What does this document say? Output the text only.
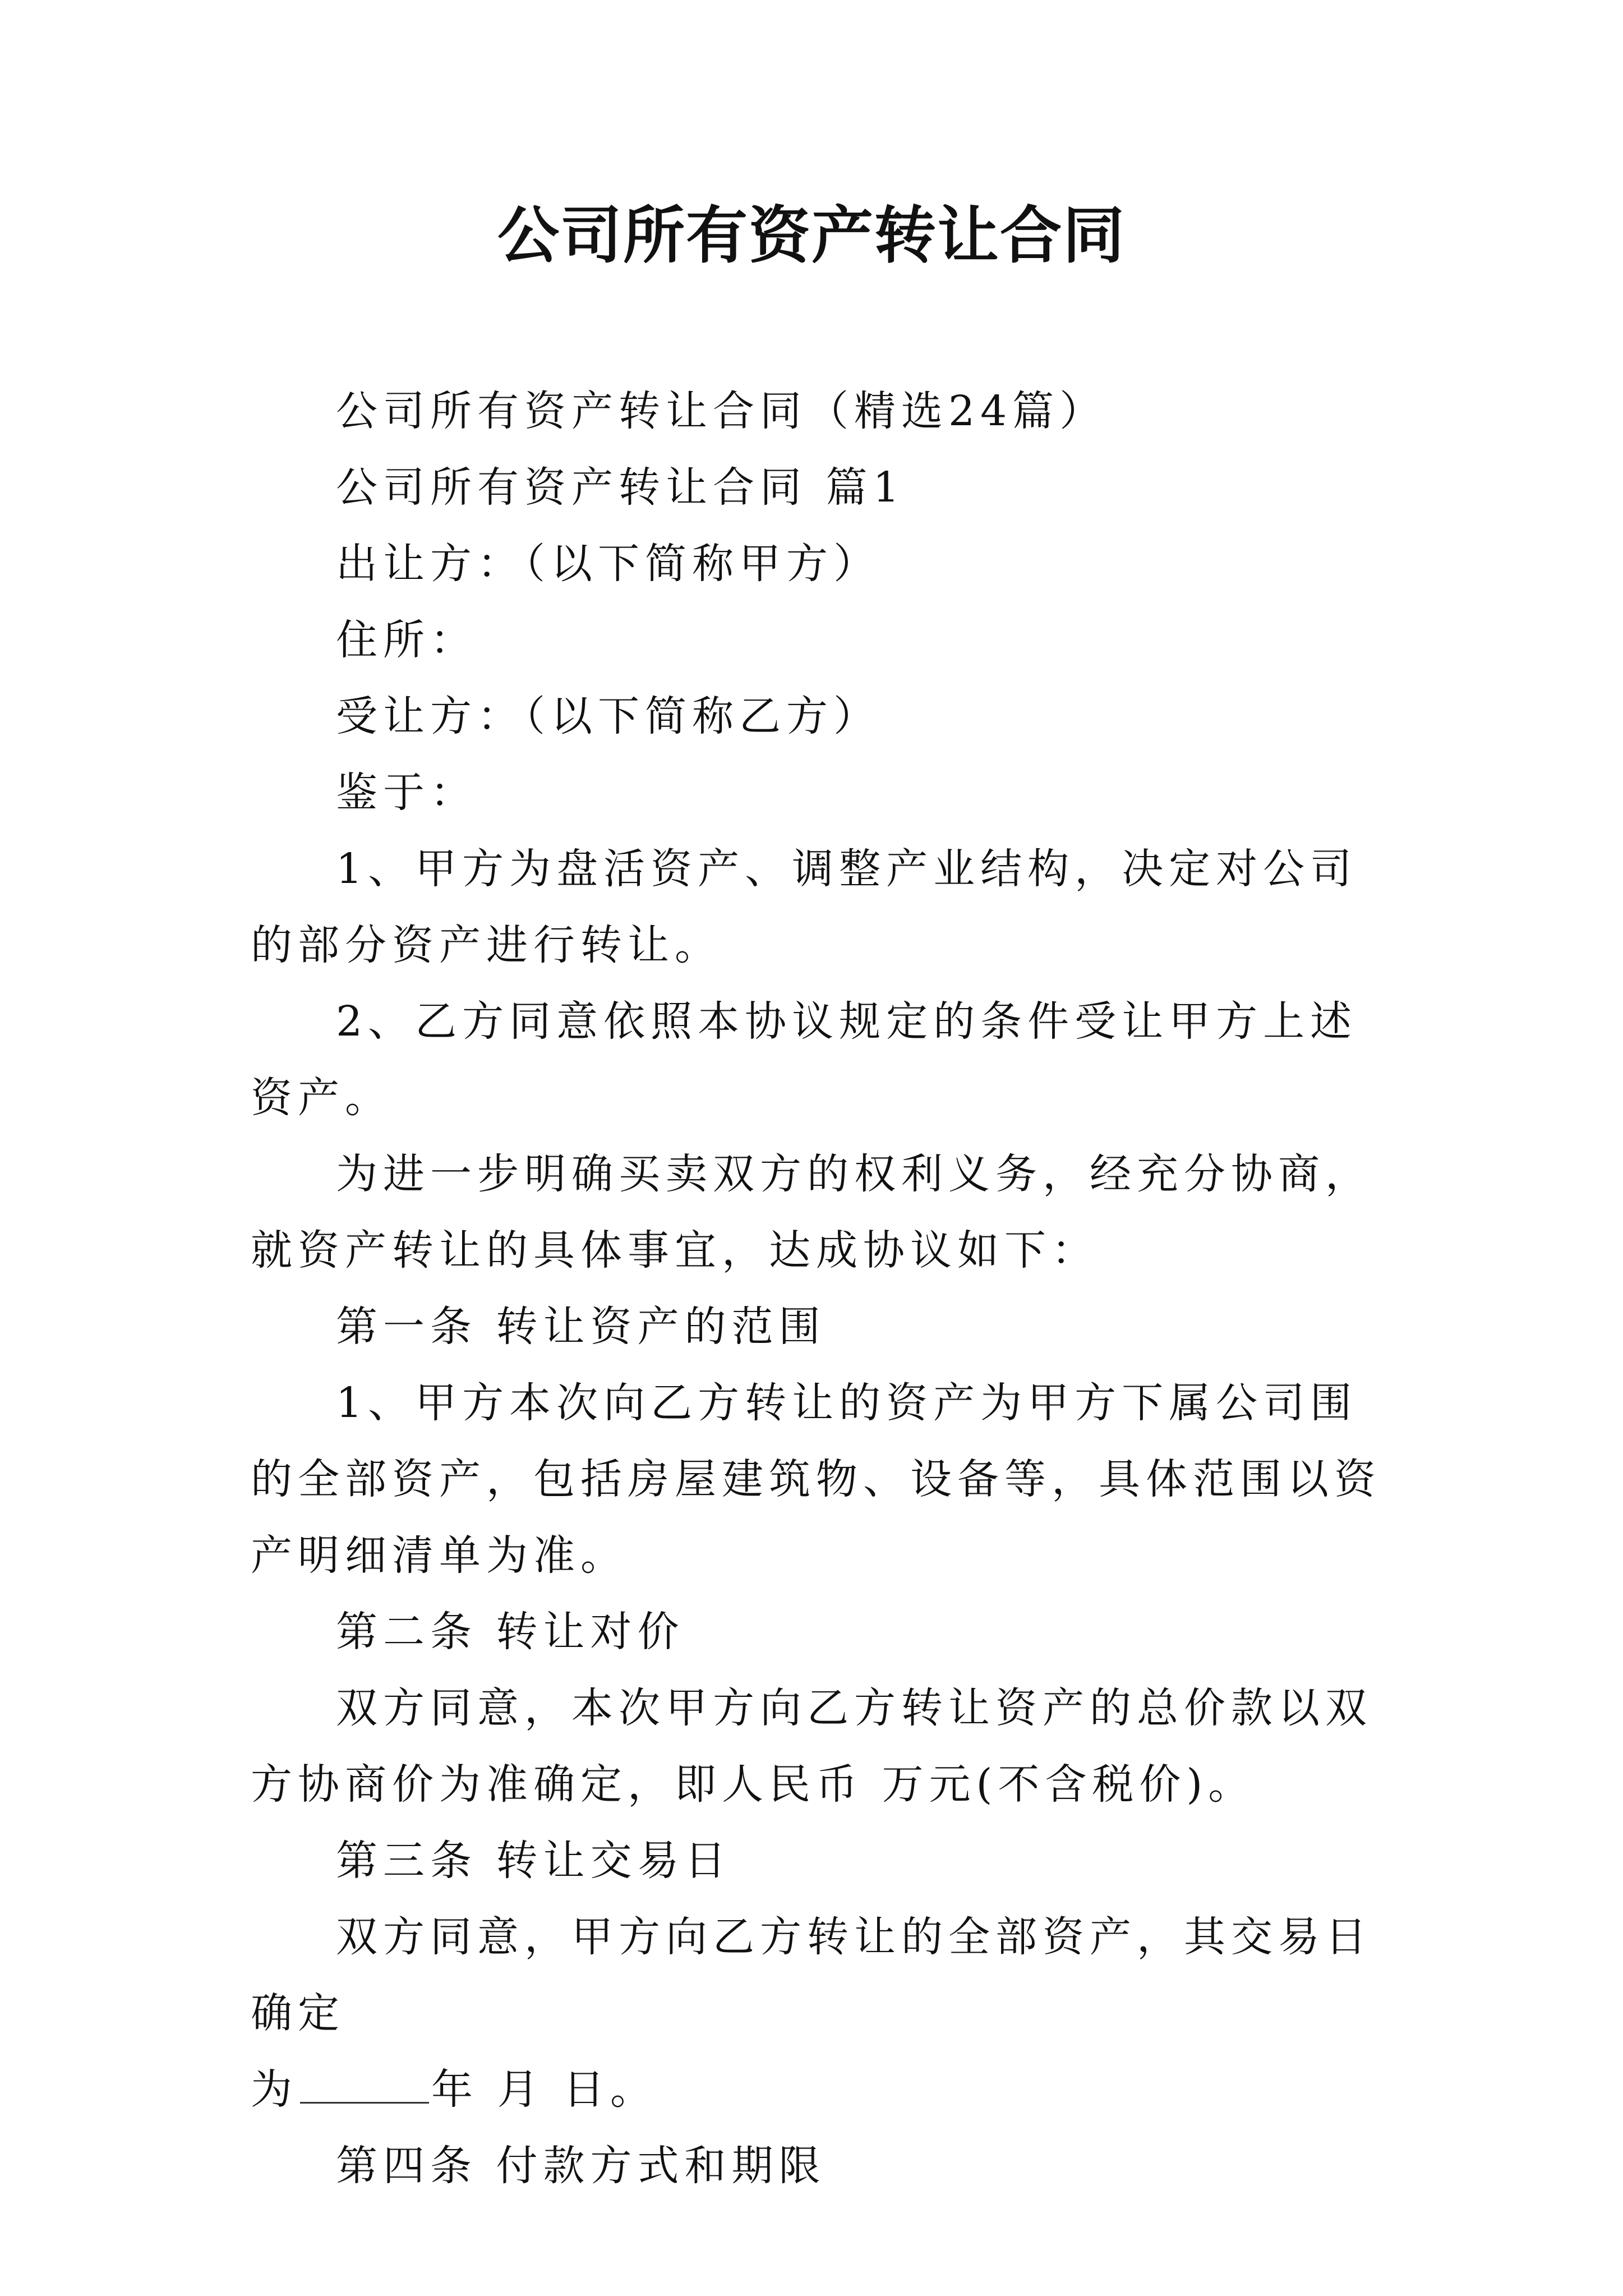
公司所有资产转让合同

公司所有资产转让合同（精选24篇）

公司所有资产转让合同 篇1

出让方：（以下简称甲方）

住所：

受让方：（以下简称乙方）

鉴于：

1、甲方为盘活资产、调整产业结构，决定对公司的部分资产进行转让。

2、乙方同意依照本协议规定的条件受让甲方上述资产。

为进一步明确买卖双方的权利义务，经充分协商，就资产转让的具体事宜，达成协议如下：

第一条 转让资产的范围

1、甲方本次向乙方转让的资产为甲方下属公司围的全部资产，包括房屋建筑物、设备等，具体范围以资产明细清单为准。

第二条 转让对价

双方同意，本次甲方向乙方转让资产的总价款以双方协商价为准确定，即人民币 万元(不含税价)。

第三条 转让交易日

双方同意，甲方向乙方转让的全部资产，其交易日确定

为	年 月 日。

第四条 付款方式和期限
